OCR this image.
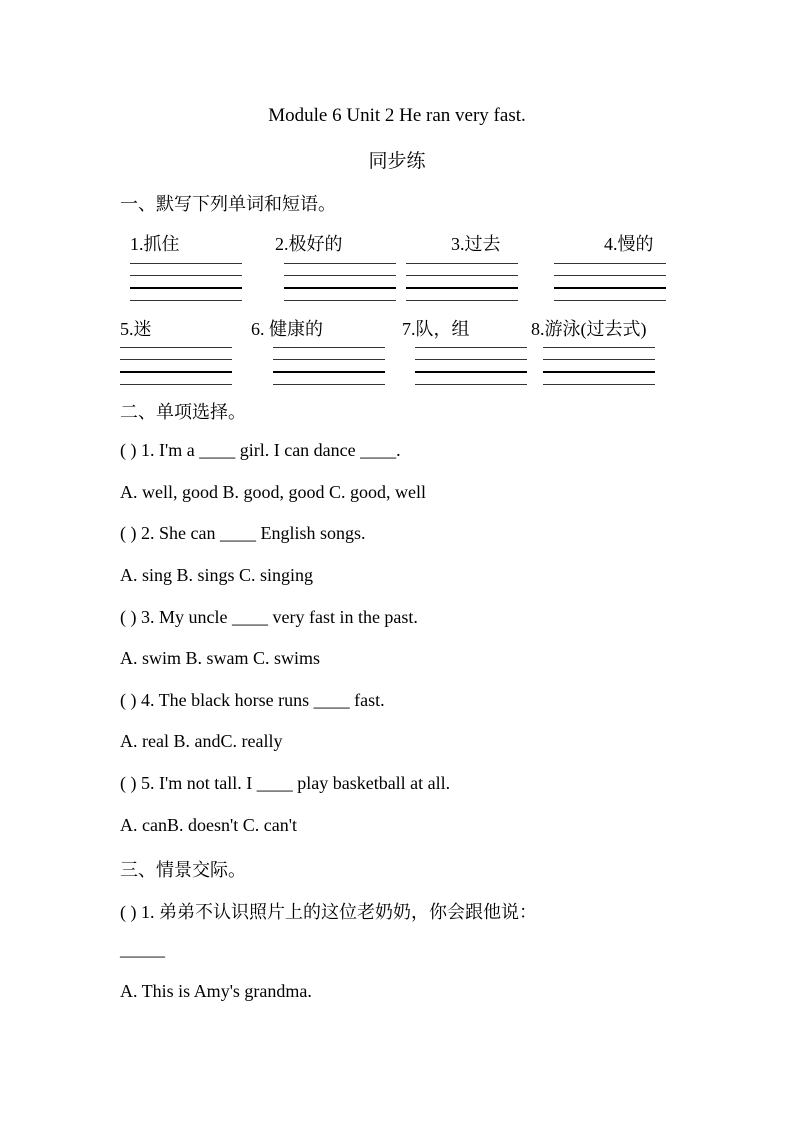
Module 6 Unit 2 He ran very fast.
同步练
一、默写下列单词和短语。
1.抓住	2.极好的	3.过去	4.慢的
5.迷	6. 健康的	7.队，组	8.游泳(过去式)
二、单项选择。
( ) 1. I'm a ____ girl. I can dance ____.
A. well, good B. good, good C. good, well
( ) 2. She can ____ English songs.
A. sing B. sings C. singing
( ) 3. My uncle ____ very fast in the past.
A. swim B. swam C. swims
( ) 4. The black horse runs ____ fast.
A. real B. andC. really
( ) 5. I'm not tall. I ____ play basketball at all.
A. canB. doesn't C. can't
三、情景交际。
( ) 1. 弟弟不认识照片上的这位老奶奶，你会跟他说：
_____
A. This is Amy's grandma.
